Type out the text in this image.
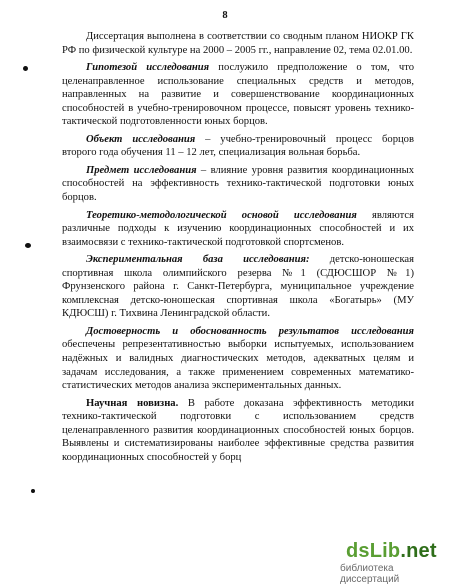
8

Диссертация выполнена в соответствии со сводным планом НИОКР ГК РФ по физической культуре на 2000 – 2005 гг., направление 02, тема 02.01.00.

Гипотезой исследования послужило предположение о том, что целенаправленное использование специальных средств и методов, направленных на развитие и совершенствование координационных способностей в учебно-тренировочном процессе, повысят уровень технико-тактической подготовленности юных борцов.

Объект исследования – учебно-тренировочный процесс борцов второго года обучения 11 – 12 лет, специализация вольная борьба.

Предмет исследования – влияние уровня развития координационных способностей на эффективность технико-тактической подготовки юных борцов.

Теоретико-методологической основой исследования являются различные подходы к изучению координационных способностей и их взаимосвязи с технико-тактической подготовкой спортсменов.

Экспериментальная база исследования: детско-юношеская спортивная школа олимпийского резерва №1 (СДЮСШОР №1) Фрунзенского района г. Санкт-Петербурга, муниципальное учреждение комплексная детско-юношеская спортивная школа «Богатырь» (МУ КДЮСШ) г. Тихвина Ленинградской области.

Достоверность и обоснованность результатов исследования обеспечены репрезентативностью выборки испытуемых, использованием надёжных и валидных диагностических методов, адекватных целям и задачам исследования, а также применением современных математико-статистических методов анализа экспериментальных данных.

Научная новизна. В работе доказана эффективность методики технико-тактической подготовки с использованием средств целенаправленного развития координационных способностей юных борцов. Выявлены и систематизированы наиболее эффективные средства развития координационных способностей у борц

dsLib.net
библиотека диссертаций
